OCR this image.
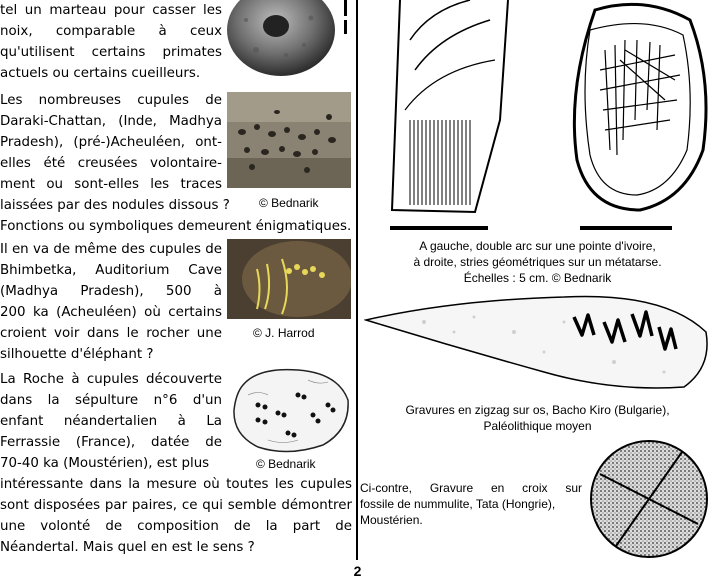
tel un marteau pour casser les
noix, comparable à ceux
qu'utilisent certains primates
actuels ou certains cueilleurs.
Les nombreuses cupules de
Daraki-Chattan, (Inde, Madhya
Pradesh), (pré-)Acheuléen, ont-
elles été creusées volontaire-
ment ou sont-elles les traces
laissées par des nodules dissous ? © Bednarik
Fonctions ou symboliques demeurent énigmatiques.
Il en va de même des cupules de
Bhimbetka, Auditorium Cave
(Madhya Pradesh), 500 à
200 ka (Acheuléen) où certains
croient voir dans le rocher une
silhouette d'éléphant ?
© J. Harrod
La Roche à cupules découverte
dans la sépulture n°6 d'un
enfant néandertalien à La
Ferrassie (France), datée de
70-40 ka (Moustérien), est plus	© Bednarik
intéressante dans la mesure où toutes les cupules
sont disposées par paires, ce qui semble démontrer
une volonté de composition de la part de
Néandertal. Mais quel en est le sens ?
A gauche, double arc sur une pointe d'ivoire,
à droite, stries géométriques sur un métatarse.
Échelles : 5 cm. © Bednarik
Gravures en zigzag sur os, Bacho Kiro (Bulgarie),
Paléolithique moyen
Ci-contre, Gravure en croix sur
fossile de nummulite, Tata (Hongrie),
Moustérien.
2
